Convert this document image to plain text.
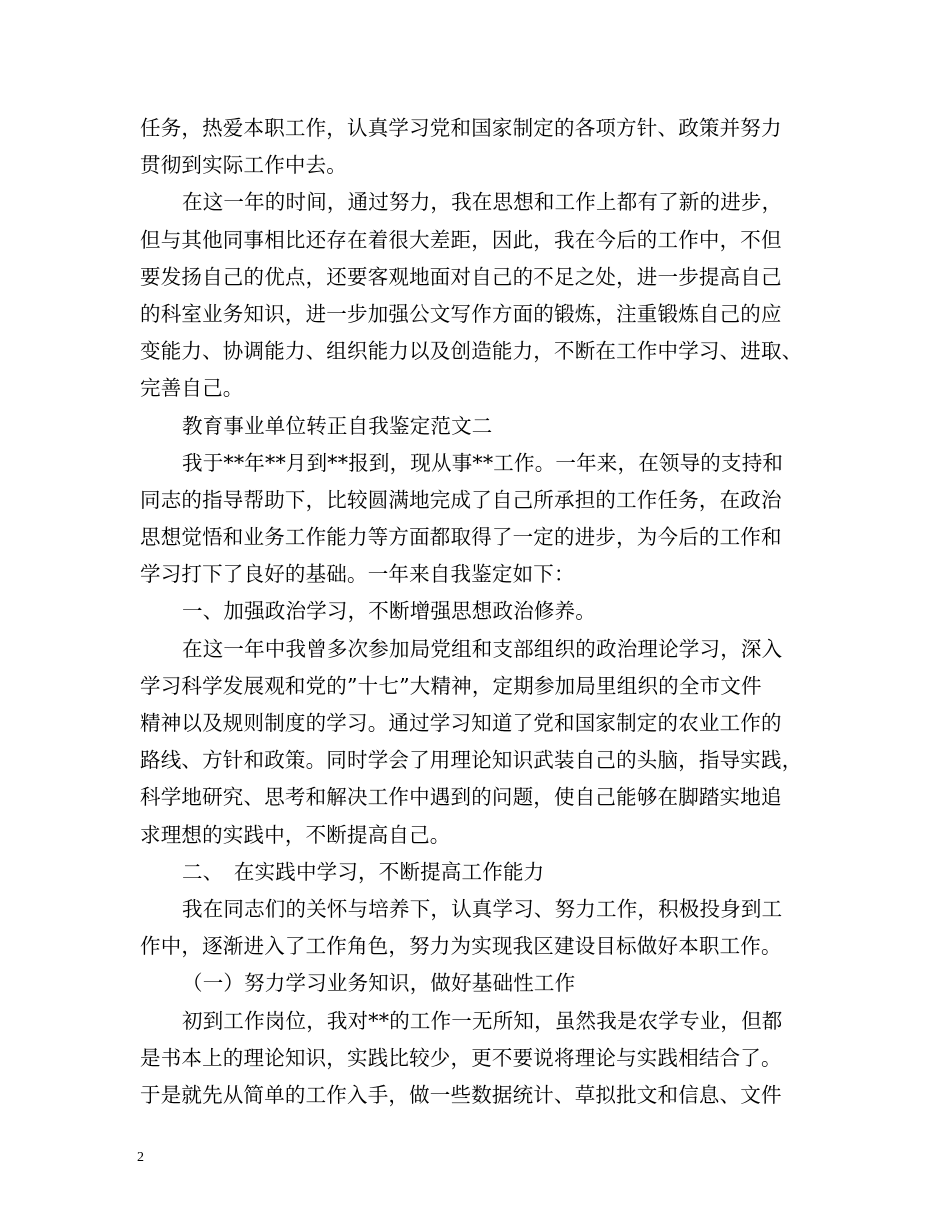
任务，热爱本职工作，认真学习党和国家制定的各项方针、政策并努力
贯彻到实际工作中去。
在这一年的时间，通过努力，我在思想和工作上都有了新的进步，
但与其他同事相比还存在着很大差距，因此，我在今后的工作中，不但
要发扬自己的优点，还要客观地面对自己的不足之处，进一步提高自己
的科室业务知识，进一步加强公文写作方面的锻炼，注重锻炼自己的应
变能力、协调能力、组织能力以及创造能力，不断在工作中学习、进取、
完善自己。
教育事业单位转正自我鉴定范文二
我于**年**月到**报到，现从事**工作。一年来，在领导的支持和
同志的指导帮助下，比较圆满地完成了自己所承担的工作任务，在政治
思想觉悟和业务工作能力等方面都取得了一定的进步，为今后的工作和
学习打下了良好的基础。一年来自我鉴定如下：
一、加强政治学习，不断增强思想政治修养。
在这一年中我曾多次参加局党组和支部组织的政治理论学习，深入
学习科学发展观和党的”十七”大精神，定期参加局里组织的全市文件
精神以及规则制度的学习。通过学习知道了党和国家制定的农业工作的
路线、方针和政策。同时学会了用理论知识武装自己的头脑，指导实践，
科学地研究、思考和解决工作中遇到的问题，使自己能够在脚踏实地追
求理想的实践中，不断提高自己。
二、　在实践中学习，不断提高工作能力
我在同志们的关怀与培养下，认真学习、努力工作，积极投身到工
作中，逐渐进入了工作角色，努力为实现我区建设目标做好本职工作。
（一）努力学习业务知识，做好基础性工作
初到工作岗位，我对**的工作一无所知，虽然我是农学专业，但都
是书本上的理论知识，实践比较少，更不要说将理论与实践相结合了。
于是就先从简单的工作入手，做一些数据统计、草拟批文和信息、文件
2
